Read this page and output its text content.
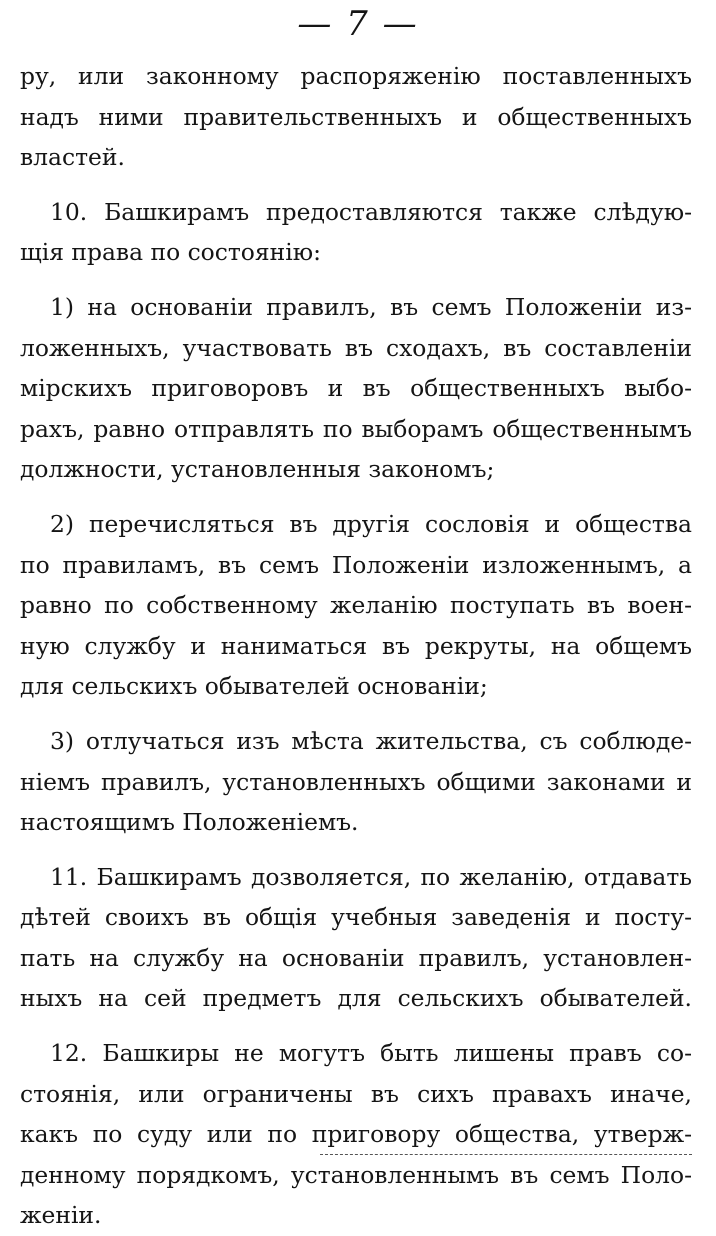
— 7 —
ру, или законному распоряженію поставленныхъ
надъ ними правительственныхъ и общественныхъ
властей.
10. Башкирамъ предоставляются также слѣдую-
щія права по состоянію:
1) на основаніи правилъ, въ семъ Положеніи из-
ложенныхъ, участвовать въ сходахъ, въ составленіи
мірскихъ приговоровъ и въ общественныхъ выбо-
рахъ, равно отправлять по выборамъ общественнымъ
должности, установленныя закономъ;
2) перечисляться въ другія сословія и общества
по правиламъ, въ семъ Положеніи изложеннымъ, а
равно по собственному желанію поступать въ воен-
ную службу и наниматься въ рекруты, на общемъ
для сельскихъ обывателей основаніи;
3) отлучаться изъ мѣста жительства, съ соблюде-
ніемъ правилъ, установленныхъ общими законами и
настоящимъ Положеніемъ.
11. Башкирамъ дозволяется, по желанію, отдавать
дѣтей своихъ въ общія учебныя заведенія и посту-
пать на службу на основаніи правилъ, установлен-
ныхъ на сей предметъ для сельскихъ обывателей.
12. Башкиры не могутъ быть лишены правъ со-
стоянія, или ограничены въ сихъ правахъ иначе,
какъ по суду или по приговору общества, утверж-
денному порядкомъ, установленнымъ въ семъ Поло-
женіи.
